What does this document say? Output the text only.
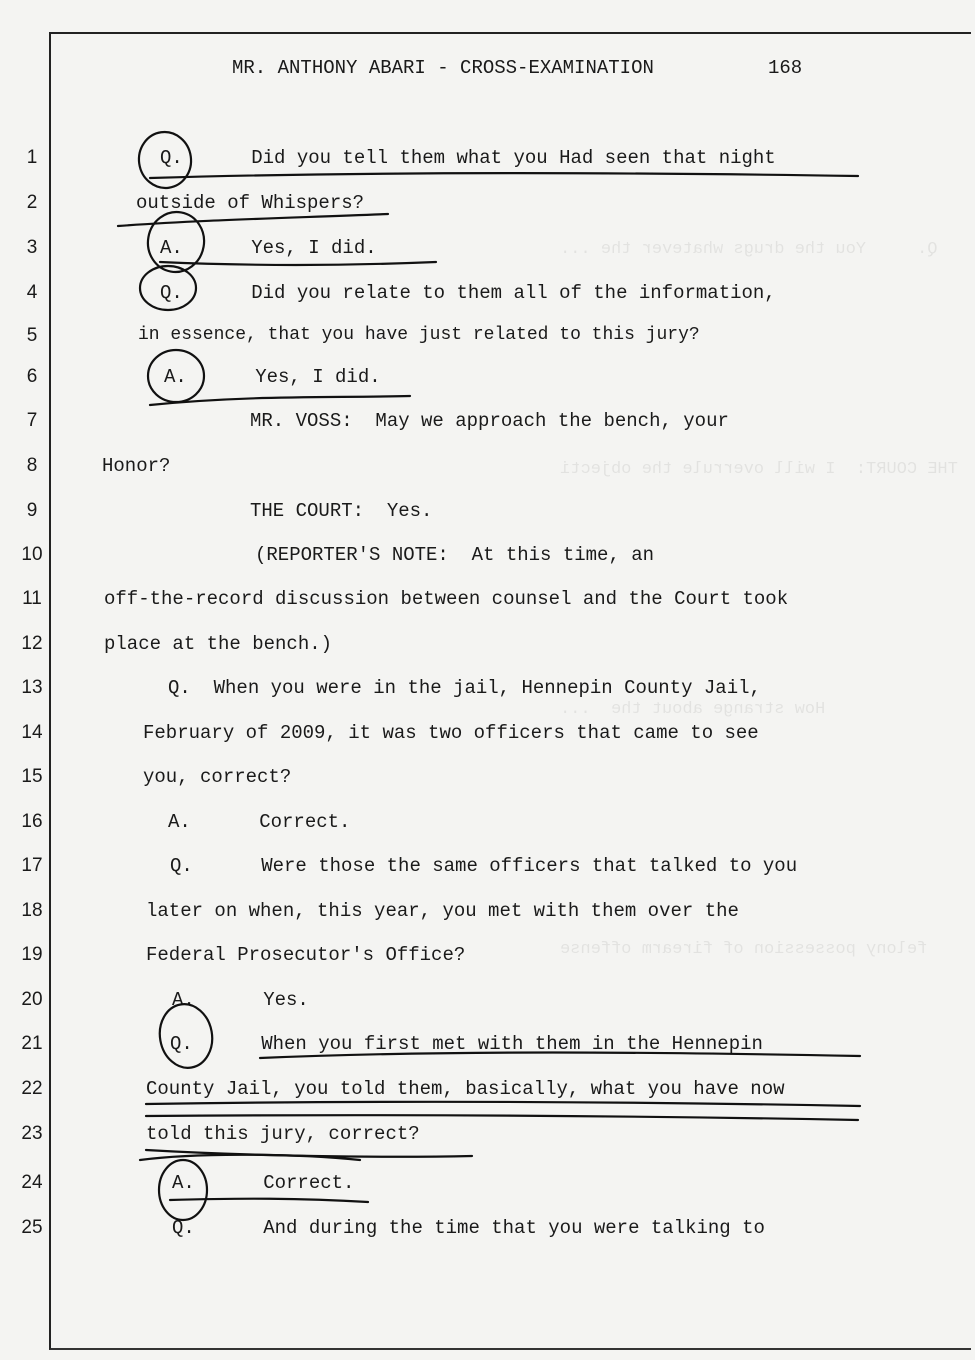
Q.     You the drugs whatever the ...
THE COURT:  I will overrule the objecti
How strange about the  ...
felony possession of firearm offense
MR. ANTHONY ABARI - CROSS-EXAMINATION	168
1
2
3
4
5
6
7
8
9
10
11
12
13
14
15
16
17
18
19
20
21
22
23
24
25
Q.      Did you tell them what you Had seen that night
outside of Whispers?
A.      Yes, I did.
Q.      Did you relate to them all of the information,
in essence, that you have just related to this jury?
A.      Yes, I did.
MR. VOSS:  May we approach the bench, your
Honor?
THE COURT:  Yes.
(REPORTER'S NOTE:  At this time, an
off-the-record discussion between counsel and the Court took
place at the bench.)
Q.  When you were in the jail, Hennepin County Jail,
February of 2009, it was two officers that came to see
you, correct?
A.      Correct.
Q.      Were those the same officers that talked to you
later on when, this year, you met with them over the
Federal Prosecutor's Office?
A.      Yes.
Q.      When you first met with them in the Hennepin
County Jail, you told them, basically, what you have now
told this jury, correct?
A.      Correct.
Q.      And during the time that you were talking to
